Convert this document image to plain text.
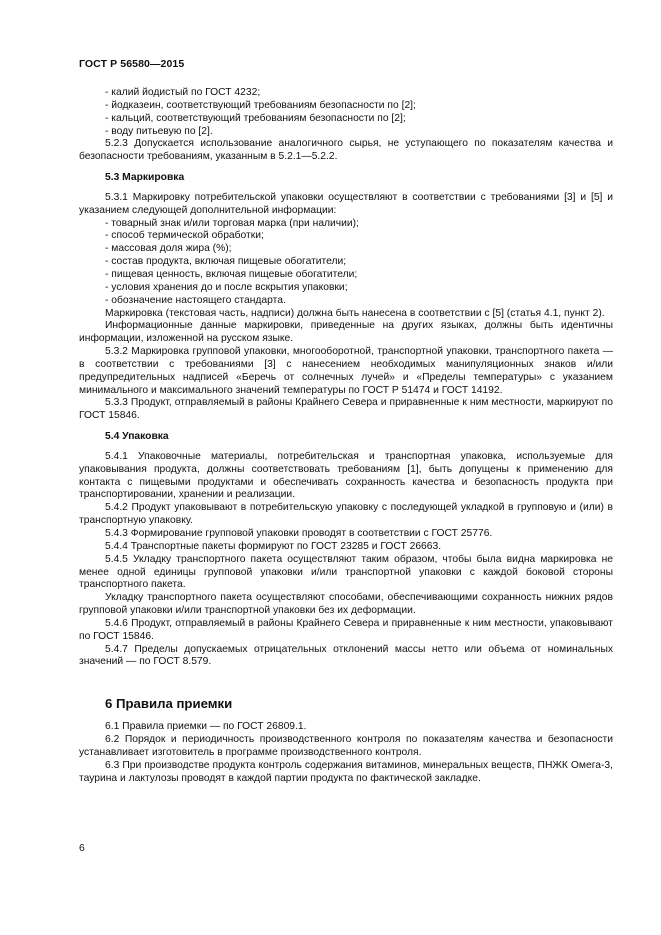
ГОСТ Р 56580—2015

- калий йодистый по ГОСТ 4232;

- йодказеин, соответствующий требованиям безопасности по [2];

- кальций, соответствующий требованиям безопасности по [2];

- воду питьевую по [2].

5.2.3 Допускается использование аналогичного сырья, не уступающего по показателям качества и безопасности требованиям, указанным в 5.2.1—5.2.2.

5.3 Маркировка

5.3.1 Маркировку потребительской упаковки осуществляют в соответствии с требованиями [3] и [5] и указанием следующей дополнительной информации:

- товарный знак и/или торговая марка (при наличии);

- способ термической обработки;

- массовая доля жира (%);

- состав продукта, включая пищевые обогатители;

- пищевая ценность, включая пищевые обогатители;

- условия хранения до и после вскрытия упаковки;

- обозначение настоящего стандарта.

Маркировка (текстовая часть, надписи) должна быть нанесена в соответствии с [5] (статья 4.1, пункт 2).

Информационные данные маркировки, приведенные на других языках, должны быть идентичны информации, изложенной на русском языке.

5.3.2 Маркировка групповой упаковки, многооборотной, транспортной упаковки, транспортного пакета — в соответствии с требованиями [3] с нанесением необходимых манипуляционных знаков и/или предупредительных надписей «Беречь от солнечных лучей» и «Пределы температуры» с указанием минимального и максимального значений температуры по ГОСТ Р 51474 и ГОСТ 14192.

5.3.3 Продукт, отправляемый в районы Крайнего Севера и приравненные к ним местности, маркируют по ГОСТ 15846.

5.4 Упаковка

5.4.1 Упаковочные материалы, потребительская и транспортная упаковка, используемые для упаковывания продукта, должны соответствовать требованиям [1], быть допущены к применению для контакта с пищевыми продуктами и обеспечивать сохранность качества и безопасность продукта при транспортировании, хранении и реализации.

5.4.2 Продукт упаковывают в потребительскую упаковку с последующей укладкой в групповую и (или) в транспортную упаковку.

5.4.3 Формирование групповой упаковки проводят в соответствии с ГОСТ 25776.

5.4.4 Транспортные пакеты формируют по ГОСТ 23285 и ГОСТ 26663.

5.4.5 Укладку транспортного пакета осуществляют таким образом, чтобы была видна маркировка не менее одной единицы групповой упаковки и/или транспортной упаковки с каждой боковой стороны транспортного пакета.

Укладку транспортного пакета осуществляют способами, обеспечивающими сохранность нижних рядов групповой упаковки и/или транспортной упаковки без их деформации.

5.4.6 Продукт, отправляемый в районы Крайнего Севера и приравненные к ним местности, упаковывают по ГОСТ 15846.

5.4.7 Пределы допускаемых отрицательных отклонений массы нетто или объема от номинальных значений — по ГОСТ 8.579.

6 Правила приемки

6.1 Правила приемки — по ГОСТ 26809.1.

6.2 Порядок и периодичность производственного контроля по показателям качества и безопасности устанавливает изготовитель в программе производственного контроля.

6.3 При производстве продукта контроль содержания витаминов, минеральных веществ, ПНЖК Омега-3, таурина и лактулозы проводят в каждой партии продукта по фактической закладке.

6
